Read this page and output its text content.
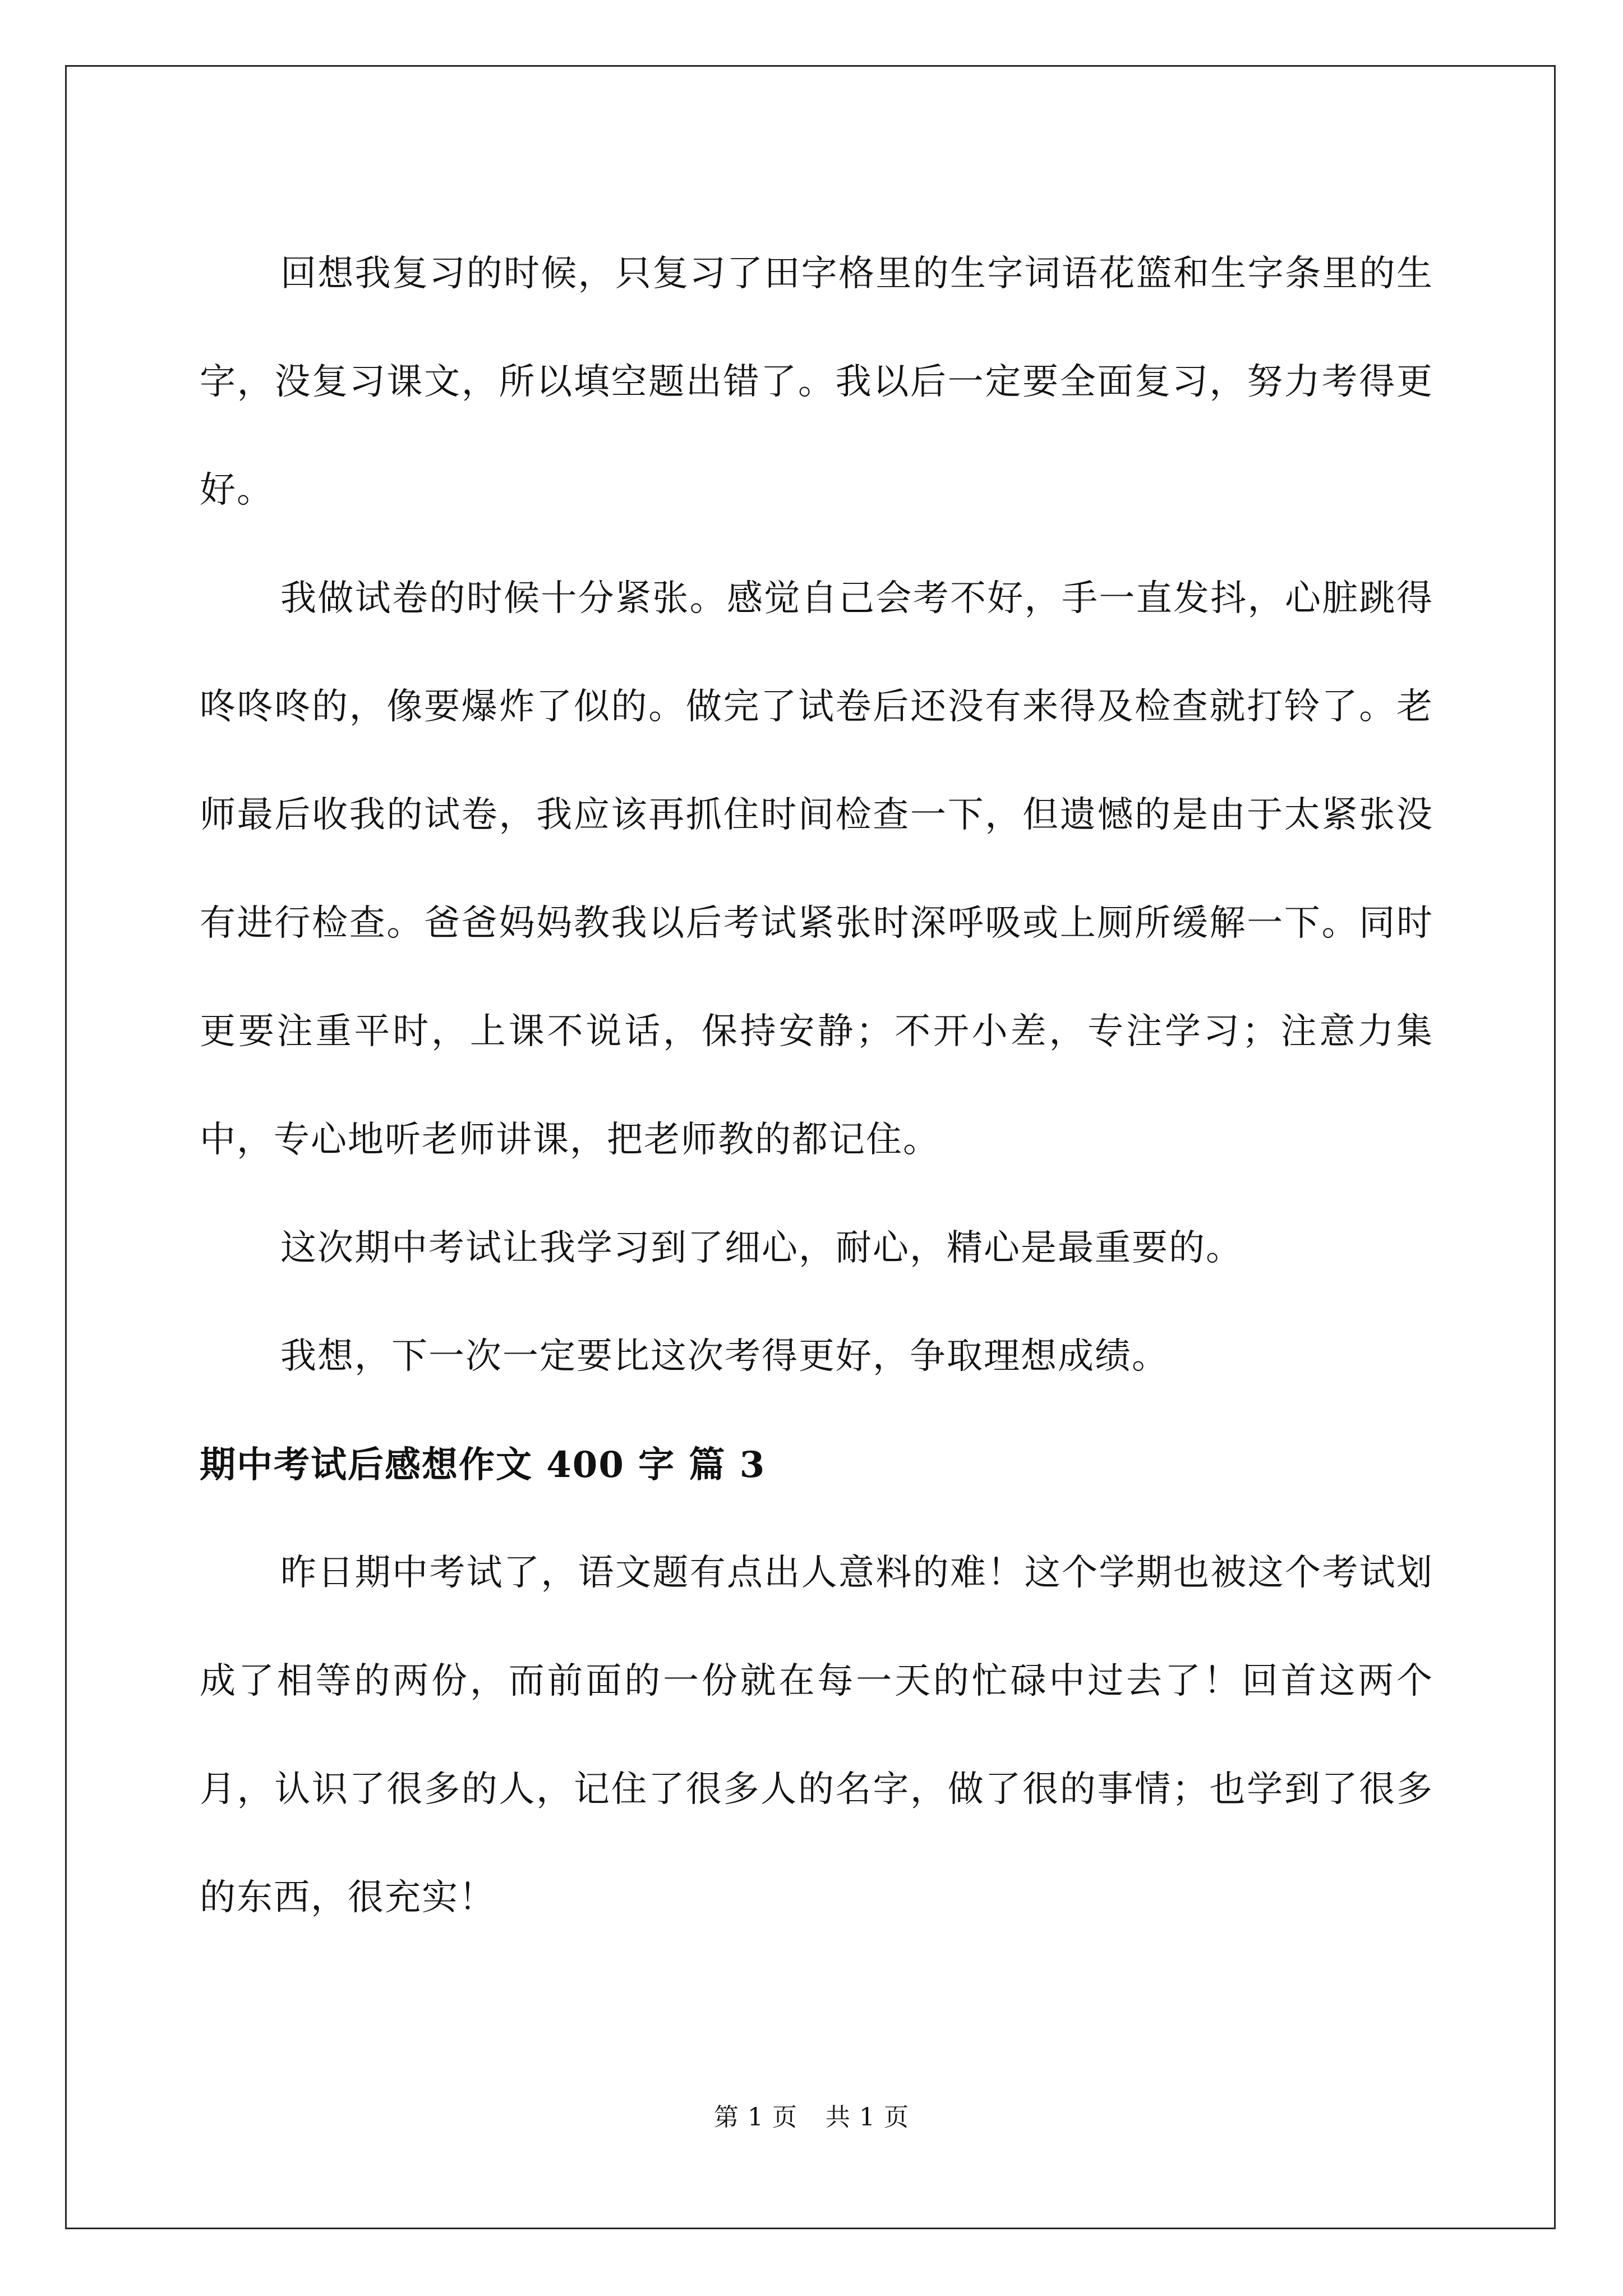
回想我复习的时候，只复习了田字格里的生字词语花篮和生字条里的生字，没复习课文，所以填空题出错了。我以后一定要全面复习，努力考得更好。

我做试卷的时候十分紧张。感觉自己会考不好，手一直发抖，心脏跳得咚咚咚的，像要爆炸了似的。做完了试卷后还没有来得及检查就打铃了。老师最后收我的试卷，我应该再抓住时间检查一下，但遗憾的是由于太紧张没有进行检查。爸爸妈妈教我以后考试紧张时深呼吸或上厕所缓解一下。同时更要注重平时，上课不说话，保持安静；不开小差，专注学习；注意力集中，专心地听老师讲课，把老师教的都记住。

这次期中考试让我学习到了细心，耐心，精心是最重要的。

我想，下一次一定要比这次考得更好，争取理想成绩。

期中考试后感想作文 400 字 篇 3

昨日期中考试了，语文题有点出人意料的难！这个学期也被这个考试划成了相等的两份，而前面的一份就在每一天的忙碌中过去了！回首这两个月，认识了很多的人，记住了很多人的名字，做了很的事情；也学到了很多的东西，很充实！

第 1 页 共 1 页
